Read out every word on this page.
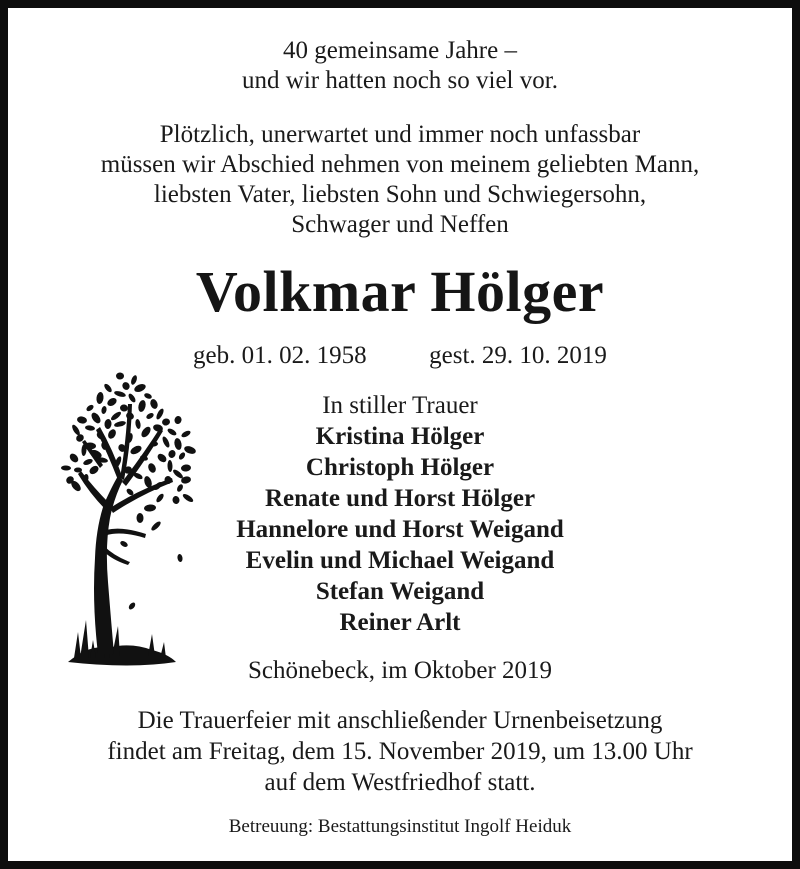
40 gemeinsame Jahre –
und wir hatten noch so viel vor.
Plötzlich, unerwartet und immer noch unfassbar
müssen wir Abschied nehmen von meinem geliebten Mann,
liebsten Vater, liebsten Sohn und Schwiegersohn,
Schwager und Neffen
Volkmar Hölger
geb. 01. 02. 1958	gest. 29. 10. 2019
In stiller Trauer
Kristina Hölger
Christoph Hölger
Renate und Horst Hölger
Hannelore und Horst Weigand
Evelin und Michael Weigand
Stefan Weigand
Reiner Arlt
Schönebeck, im Oktober 2019
Die Trauerfeier mit anschließender Urnenbeisetzung
findet am Freitag, dem 15. November 2019, um 13.00 Uhr
auf dem Westfriedhof statt.
Betreuung: Bestattungsinstitut Ingolf Heiduk
